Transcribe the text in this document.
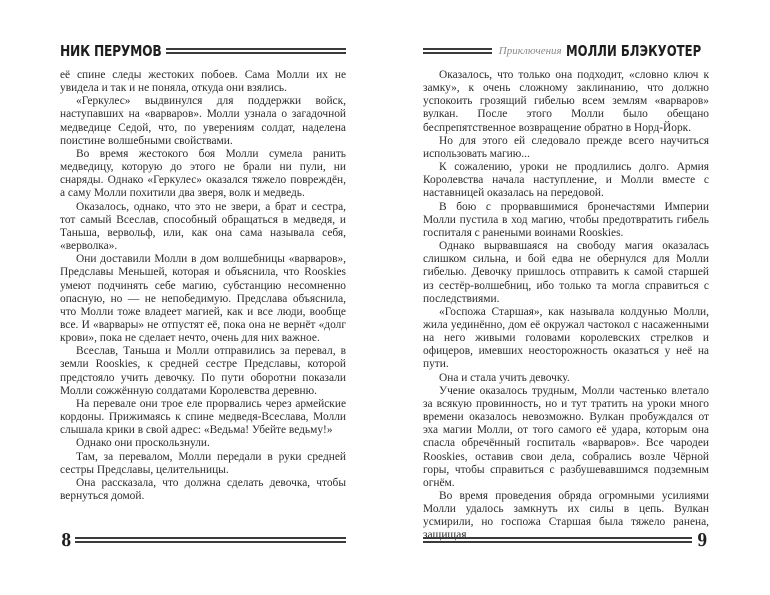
НИК ПЕРУМОВ

её спине следы жестоких побоев. Сама Молли их не увидела и так и не поняла, откуда они взялись.

«Геркулес» выдвинулся для поддержки войск, наступавших на «варваров». Молли узнала о загадочной медведице Седой, что, по уверениям солдат, наделена поистине волшебными свойствами.

Во время жестокого боя Молли сумела ранить медведицу, которую до этого не брали ни пули, ни снаряды. Однако «Геркулес» оказался тяжело повреждён, а саму Молли похитили два зверя, волк и медведь.

Оказалось, однако, что это не звери, а брат и сестра, тот самый Всеслав, способный обращаться в медведя, и Таньша, вервольф, или, как она сама называла себя, «верволка».

Они доставили Молли в дом волшебницы «варваров», Предславы Меньшей, которая и объяснила, что Rooskies умеют подчинять себе магию, субстанцию несомненно опасную, но — не непобедимую. Предслава объяснила, что Молли тоже владеет магией, как и все люди, вообще все. И «варвары» не отпустят её, пока она не вернёт «долг крови», пока не сделает нечто, очень для них важное.

Всеслав, Таньша и Молли отправились за перевал, в земли Rooskies, к средней сестре Предславы, которой предстояло учить девочку. По пути оборотни показали Молли сожжённую солдатами Королевства деревню.

На перевале они трое еле прорвались через армейские кордоны. Прижимаясь к спине медведя-Всеслава, Молли слышала крики в свой адрес: «Ведьма! Убейте ведьму!»

Однако они проскользнули.

Там, за перевалом, Молли передали в руки средней сестры Предславы, целительницы.

Она рассказала, что должна сделать девочка, чтобы вернуться домой.

8
Приключения МОЛЛИ БЛЭКУОТЕР

Оказалось, что только она подходит, «словно ключ к замку», к очень сложному заклинанию, что должно успокоить грозящий гибелью всем землям «варваров» вулкан. После этого Молли было обещано беспрепятственное возвращение обратно в Норд-Йорк.

Но для этого ей следовало прежде всего научиться использовать магию...

К сожалению, уроки не продлились долго. Армия Королевства начала наступление, и Молли вместе с наставницей оказалась на передовой.

В бою с прорвавшимися бронечастями Империи Молли пустила в ход магию, чтобы предотвратить гибель госпиталя с ранеными воинами Rooskies.

Однако вырвавшаяся на свободу магия оказалась слишком сильна, и бой едва не обернулся для Молли гибелью. Девочку пришлось отправить к самой старшей из сестёр-волшебниц, ибо только та могла справиться с последствиями.

«Госпожа Старшая», как называла колдунью Молли, жила уединённо, дом её окружал частокол с насаженными на него живыми головами королевских стрелков и офицеров, имевших неосторожность оказаться у неё на пути.

Она и стала учить девочку.

Учение оказалось трудным, Молли частенько влетало за всякую провинность, но и тут тратить на уроки много времени оказалось невозможно. Вулкан пробуждался от эха магии Молли, от того самого её удара, которым она спасла обречённый госпиталь «варваров». Все чародеи Rooskies, оставив свои дела, собрались возле Чёрной горы, чтобы справиться с разбушевавшимся подземным огнём.

Во время проведения обряда огромными усилиями Молли удалось замкнуть их силы в цепь. Вулкан усмирили, но госпожа Старшая была тяжело ранена, защищая	9
